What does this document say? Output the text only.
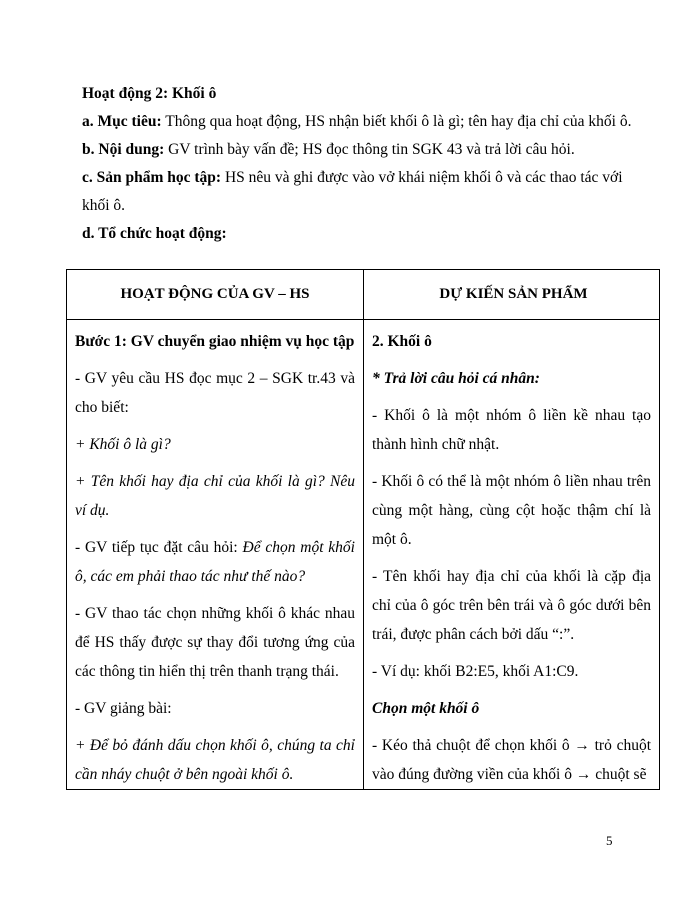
Hoạt động 2: Khối ô

a. Mục tiêu: Thông qua hoạt động, HS nhận biết khối ô là gì; tên hay địa chỉ của khối ô.

b. Nội dung: GV trình bày vấn đề; HS đọc thông tin SGK 43 và trả lời câu hỏi.

c. Sản phẩm học tập: HS nêu và ghi được vào vở khái niệm khối ô và các thao tác với khối ô.

d. Tổ chức hoạt động:

HOẠT ĐỘNG CỦA GV – HS	DỰ KIẾN SẢN PHẨM

Bước 1: GV chuyển giao nhiệm vụ học tập

- GV yêu cầu HS đọc mục 2 – SGK tr.43 và cho biết:

+ Khối ô là gì?

+ Tên khối hay địa chỉ của khối là gì? Nêu ví dụ.

- GV tiếp tục đặt câu hỏi: Để chọn một khối ô, các em phải thao tác như thế nào?

- GV thao tác chọn những khối ô khác nhau để HS thấy được sự thay đổi tương ứng của các thông tin hiển thị trên thanh trạng thái.

- GV giảng bài:

+ Để bỏ đánh dấu chọn khối ô, chúng ta chỉ cần nháy chuột ở bên ngoài khối ô.

2. Khối ô

* Trả lời câu hỏi cá nhân:

- Khối ô là một nhóm ô liền kề nhau tạo thành hình chữ nhật.

- Khối ô có thể là một nhóm ô liền nhau trên cùng một hàng, cùng cột hoặc thậm chí là một ô.

- Tên khối hay địa chỉ của khối là cặp địa chỉ của ô góc trên bên trái và ô góc dưới bên trái, được phân cách bởi dấu “:”.

- Ví dụ: khối B2:E5, khối A1:C9.

Chọn một khối ô

- Kéo thả chuột để chọn khối ô → trỏ chuột vào đúng đường viền của khối ô → chuột sẽ

5
